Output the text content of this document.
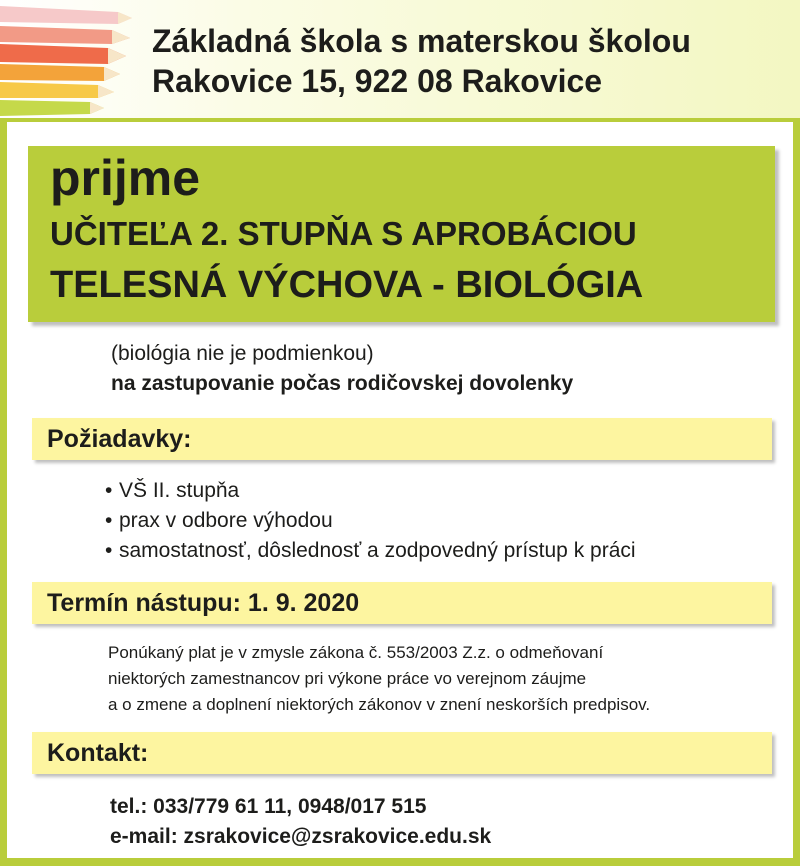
Základná škola s materskou školou
Rakovice 15, 922 08 Rakovice
prijme
UČITEĽA 2. STUPŇA S APROBÁCIOU
TELESNÁ VÝCHOVA - BIOLÓGIA
(biológia nie je podmienkou)
na zastupovanie počas rodičovskej dovolenky
Požiadavky:
• VŠ II. stupňa
• prax v odbore výhodou
• samostatnosť, dôslednosť a zodpovedný prístup k práci
Termín nástupu: 1. 9. 2020
Ponúkaný plat je v zmysle zákona č. 553/2003 Z.z. o odmeňovaní
niektorých zamestnancov pri výkone práce vo verejnom záujme
a o zmene a doplnení niektorých zákonov v znení neskorších predpisov.
Kontakt:
tel.: 033/779 61 11, 0948/017 515
e-mail: zsrakovice@zsrakovice.edu.sk
